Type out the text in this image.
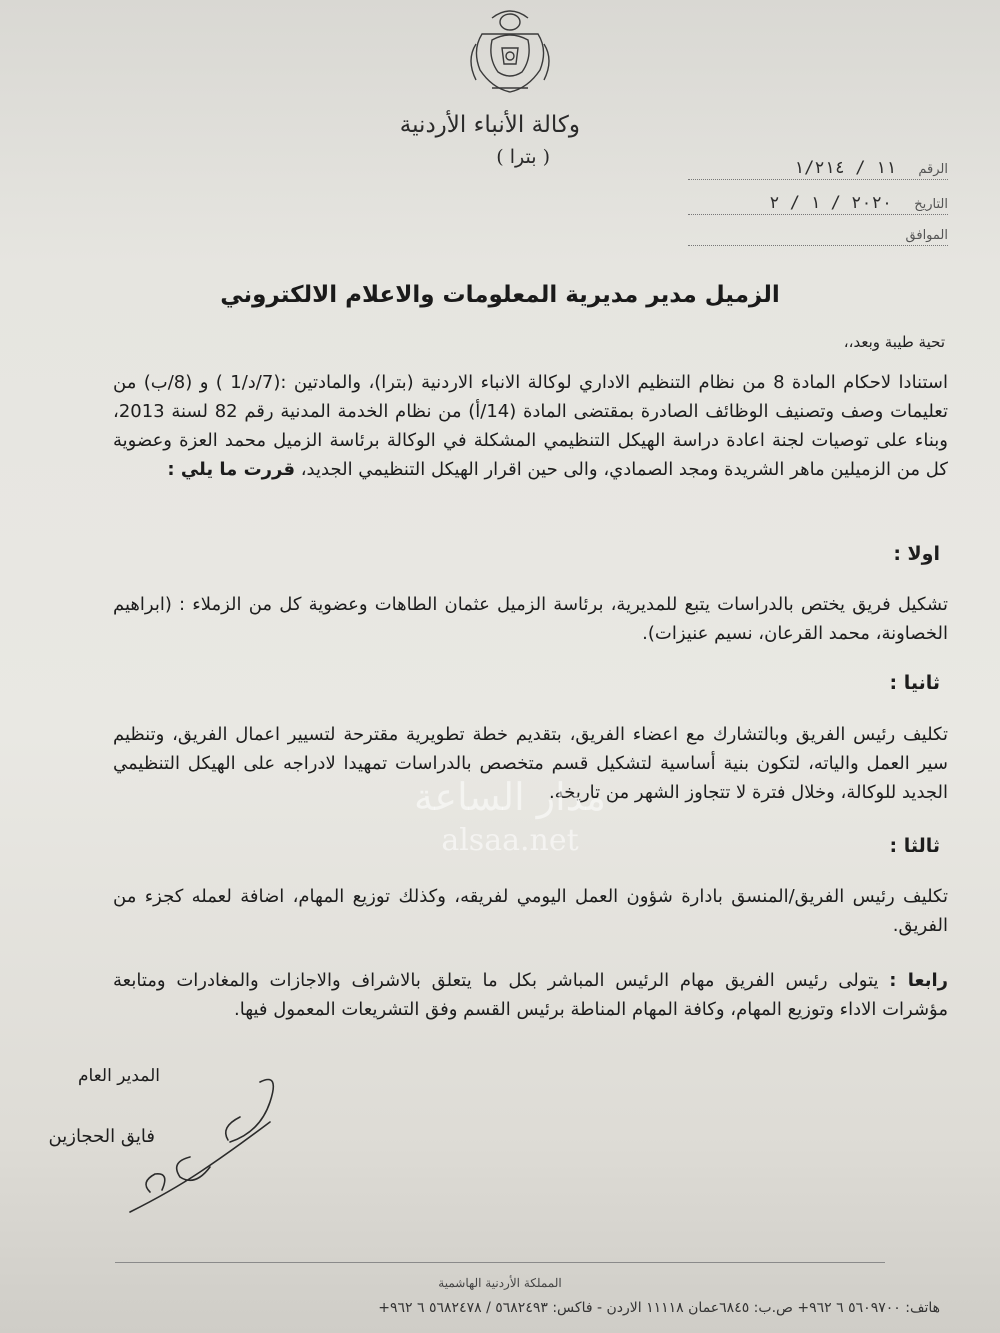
وكالة الأنباء الأردنية
( بترا )
الرقم ١١ / ١/٢١٤
التاريخ ٢٠٢٠ / ١ / ٢
الموافق
الزميل مدير مديرية المعلومات والاعلام الالكتروني
تحية طيبة وبعد،،
استنادا لاحكام المادة 8 من نظام التنظيم الاداري لوكالة الانباء الاردنية (بترا)، والمادتين :(7/د/1 ) و (8/ب) من تعليمات وصف وتصنيف الوظائف الصادرة بمقتضى المادة (14/أ) من نظام الخدمة المدنية رقم 82 لسنة 2013، وبناء على توصيات لجنة اعادة دراسة الهيكل التنظيمي المشكلة في الوكالة برئاسة الزميل محمد العزة وعضوية كل من الزميلين ماهر الشريدة ومجد الصمادي، والى حين اقرار الهيكل التنظيمي الجديد، قررت ما يلي :
اولا :
تشكيل فريق يختص بالدراسات يتبع للمديرية، برئاسة الزميل عثمان الطاهات وعضوية كل من الزملاء : (ابراهيم الخصاونة، محمد القرعان، نسيم عنيزات).
ثانيا :
تكليف رئيس الفريق وبالتشارك مع اعضاء الفريق، بتقديم خطة تطويرية مقترحة لتسيير اعمال الفريق، وتنظيم سير العمل والياته، لتكون بنية أساسية لتشكيل قسم متخصص بالدراسات تمهيدا لادراجه على الهيكل التنظيمي الجديد للوكالة، وخلال فترة لا تتجاوز الشهر من تاريخه.
ثالثا :
تكليف رئيس الفريق/المنسق بادارة شؤون العمل اليومي لفريقه، وكذلك توزيع المهام، اضافة لعمله كجزء من الفريق.
رابعا : يتولى رئيس الفريق مهام الرئيس المباشر بكل ما يتعلق بالاشراف والاجازات والمغادرات ومتابعة مؤشرات الاداء وتوزيع المهام، وكافة المهام المناطة برئيس القسم وفق التشريعات المعمول فيها.
المدير العام
فايق الحجازين
مدار الساعة
alsaa.net
المملكة الأردنية الهاشمية
هاتف: ٥٦٠٩٧٠٠ ٦ ٩٦٢+ ص.ب: ٦٨٤٥عمان ١١١١٨ الاردن - فاكس: ٥٦٨٢٤٩٣ / ٥٦٨٢٤٧٨ ٦ ٩٦٢+
